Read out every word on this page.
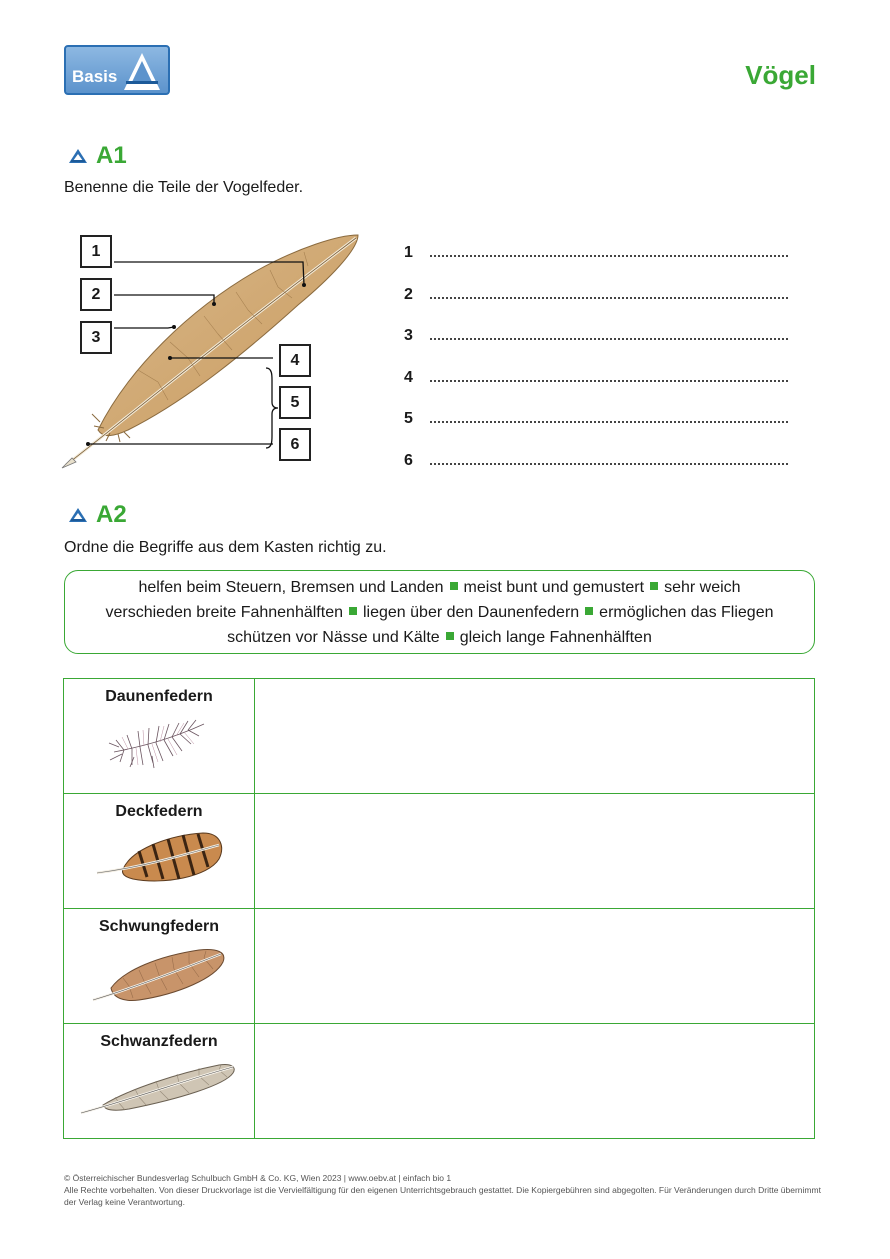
Basis	Vögel
A1
Benenne die Teile der Vogelfeder.
1
2
3
4
5
6
1
2
3
4
5
6
A2
Ordne die Begriffe aus dem Kasten richtig zu.
helfen beim Steuern, Bremsen und Landen meist bunt und gemustert sehr weich
verschieden breite Fahnenhälften liegen über den Daunenfedern ermöglichen das Fliegen
schützen vor Nässe und Kälte gleich lange Fahnenhälften
Daunenfedern	

Deckfedern	

Schwungfedern	

Schwanzfedern	

© Österreichischer Bundesverlag Schulbuch GmbH & Co. KG, Wien 2023 | www.oebv.at | einfach bio 1
Alle Rechte vorbehalten. Von dieser Druckvorlage ist die Vervielfältigung für den eigenen Unterrichtsgebrauch gestattet. Die Kopiergebühren sind abgegolten. Für Veränderungen durch Dritte übernimmt der Verlag keine Verantwortung.
